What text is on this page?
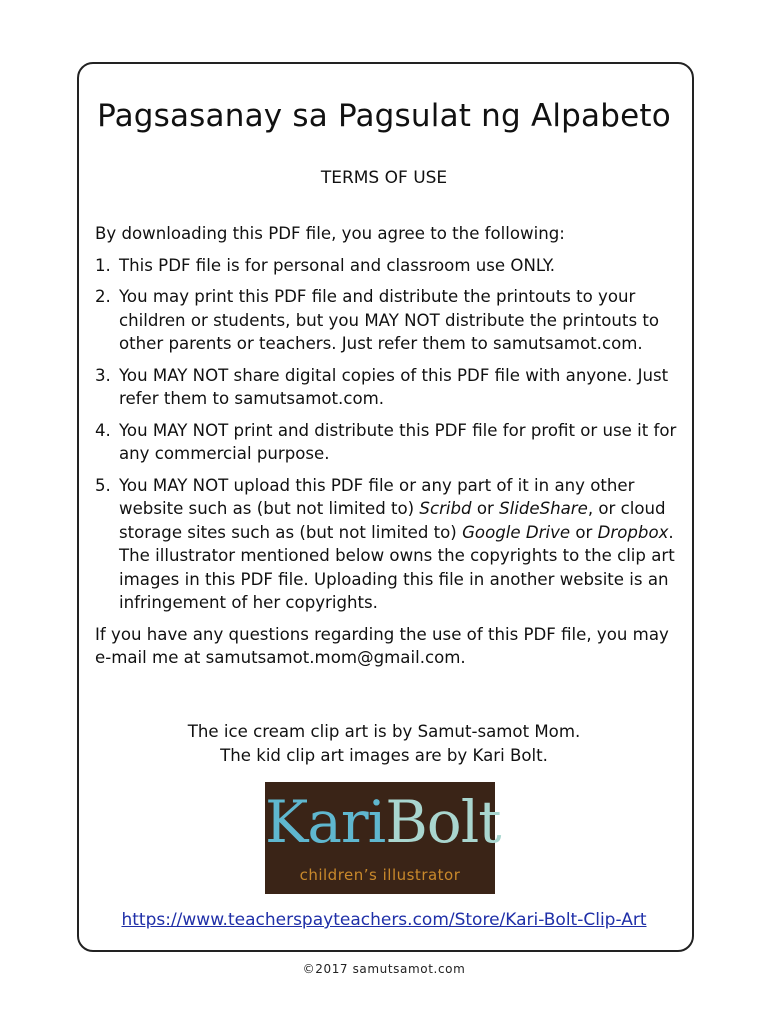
Pagsasanay sa Pagsulat ng Alpabeto
TERMS OF USE

By downloading this PDF file, you agree to the following:

1. This PDF file is for personal and classroom use ONLY.
2. You may print this PDF file and distribute the printouts to your children or students, but you MAY NOT distribute the printouts to other parents or teachers. Just refer them to samutsamot.com.
3. You MAY NOT share digital copies of this PDF file with anyone. Just refer them to samutsamot.com.
4. You MAY NOT print and distribute this PDF file for profit or use it for any commercial purpose.
5. You MAY NOT upload this PDF file or any part of it in any other website such as (but not limited to) Scribd or SlideShare, or cloud storage sites such as (but not limited to) Google Drive or Dropbox. The illustrator mentioned below owns the copyrights to the clip art images in this PDF file. Uploading this file in another website is an infringement of her copyrights.

If you have any questions regarding the use of this PDF file, you may e-mail me at samutsamot.mom@gmail.com.

The ice cream clip art is by Samut-samot Mom.
The kid clip art images are by Kari Bolt.
KariBolt
children’s illustrator
https://www.teacherspayteachers.com/Store/Kari-Bolt-Clip-Art
©2017 samutsamot.com
